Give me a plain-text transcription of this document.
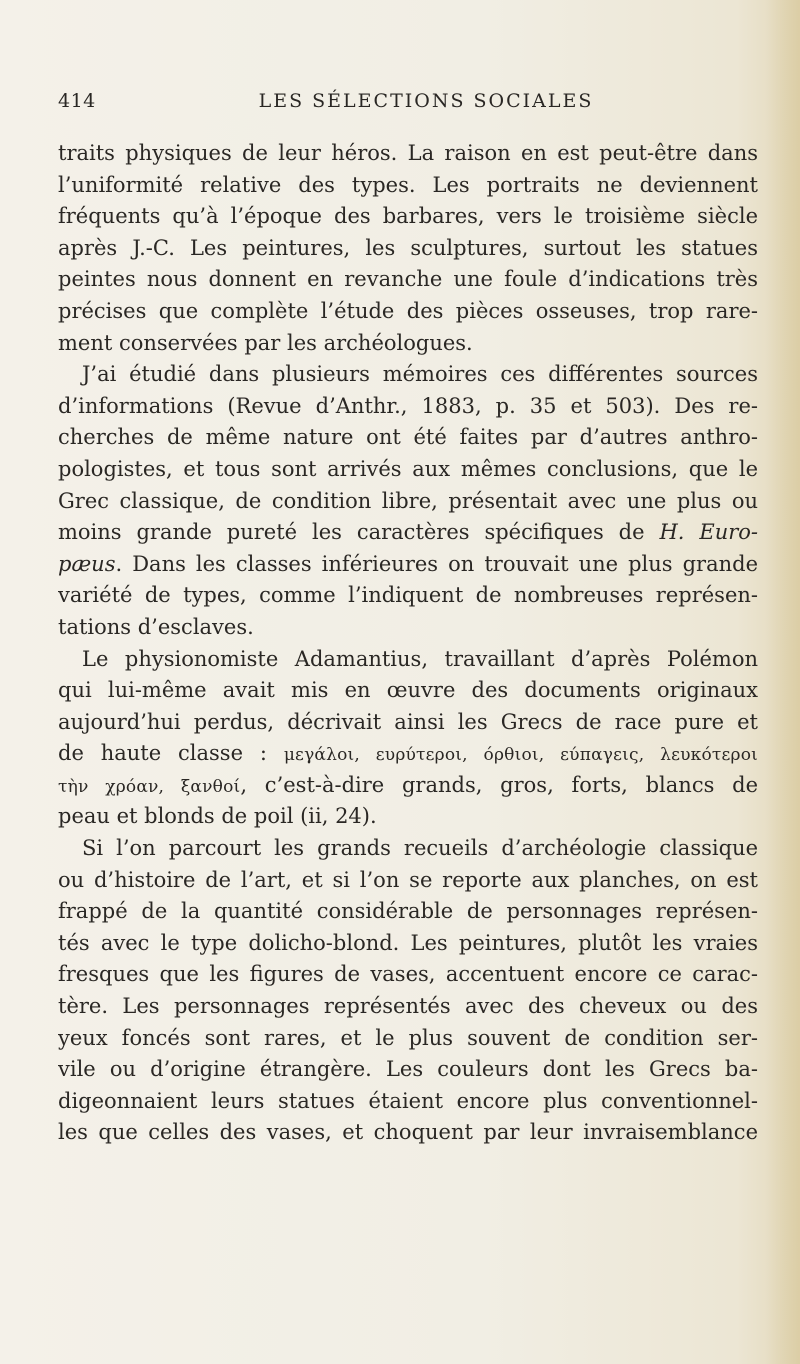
414	LES SÉLECTIONS SOCIALES
traits physiques de leur héros. La raison en est peut-être dans
l’uniformité relative des types. Les portraits ne deviennent
fréquents qu’à l’époque des barbares, vers le troisième siècle
après J.-C. Les peintures, les sculptures, surtout les statues
peintes nous donnent en revanche une foule d’indications très
précises que complète l’étude des pièces osseuses, trop rare-
ment conservées par les archéologues.
J’ai étudié dans plusieurs mémoires ces différentes sources
d’informations (Revue d’Anthr., 1883, p. 35 et 503). Des re-
cherches de même nature ont été faites par d’autres anthro-
pologistes, et tous sont arrivés aux mêmes conclusions, que le
Grec classique, de condition libre, présentait avec une plus ou
moins grande pureté les caractères spécifiques de H. Euro-
pæus. Dans les classes inférieures on trouvait une plus grande
variété de types, comme l’indiquent de nombreuses représen-
tations d’esclaves.
Le physionomiste Adamantius, travaillant d’après Polémon
qui lui-même avait mis en œuvre des documents originaux
aujourd’hui perdus, décrivait ainsi les Grecs de race pure et
de haute classe : μεγάλοι, ευρύτεροι, όρθιοι, εύπαγεις, λευκότεροι
τὴν χρόαν, ξανθοί, c’est-à-dire grands, gros, forts, blancs de
peau et blonds de poil (ii, 24).
Si l’on parcourt les grands recueils d’archéologie classique
ou d’histoire de l’art, et si l’on se reporte aux planches, on est
frappé de la quantité considérable de personnages représen-
tés avec le type dolicho-blond. Les peintures, plutôt les vraies
fresques que les figures de vases, accentuent encore ce carac-
tère. Les personnages représentés avec des cheveux ou des
yeux foncés sont rares, et le plus souvent de condition ser-
vile ou d’origine étrangère. Les couleurs dont les Grecs ba-
digeonnaient leurs statues étaient encore plus conventionnel-
les que celles des vases, et choquent par leur invraisemblance
